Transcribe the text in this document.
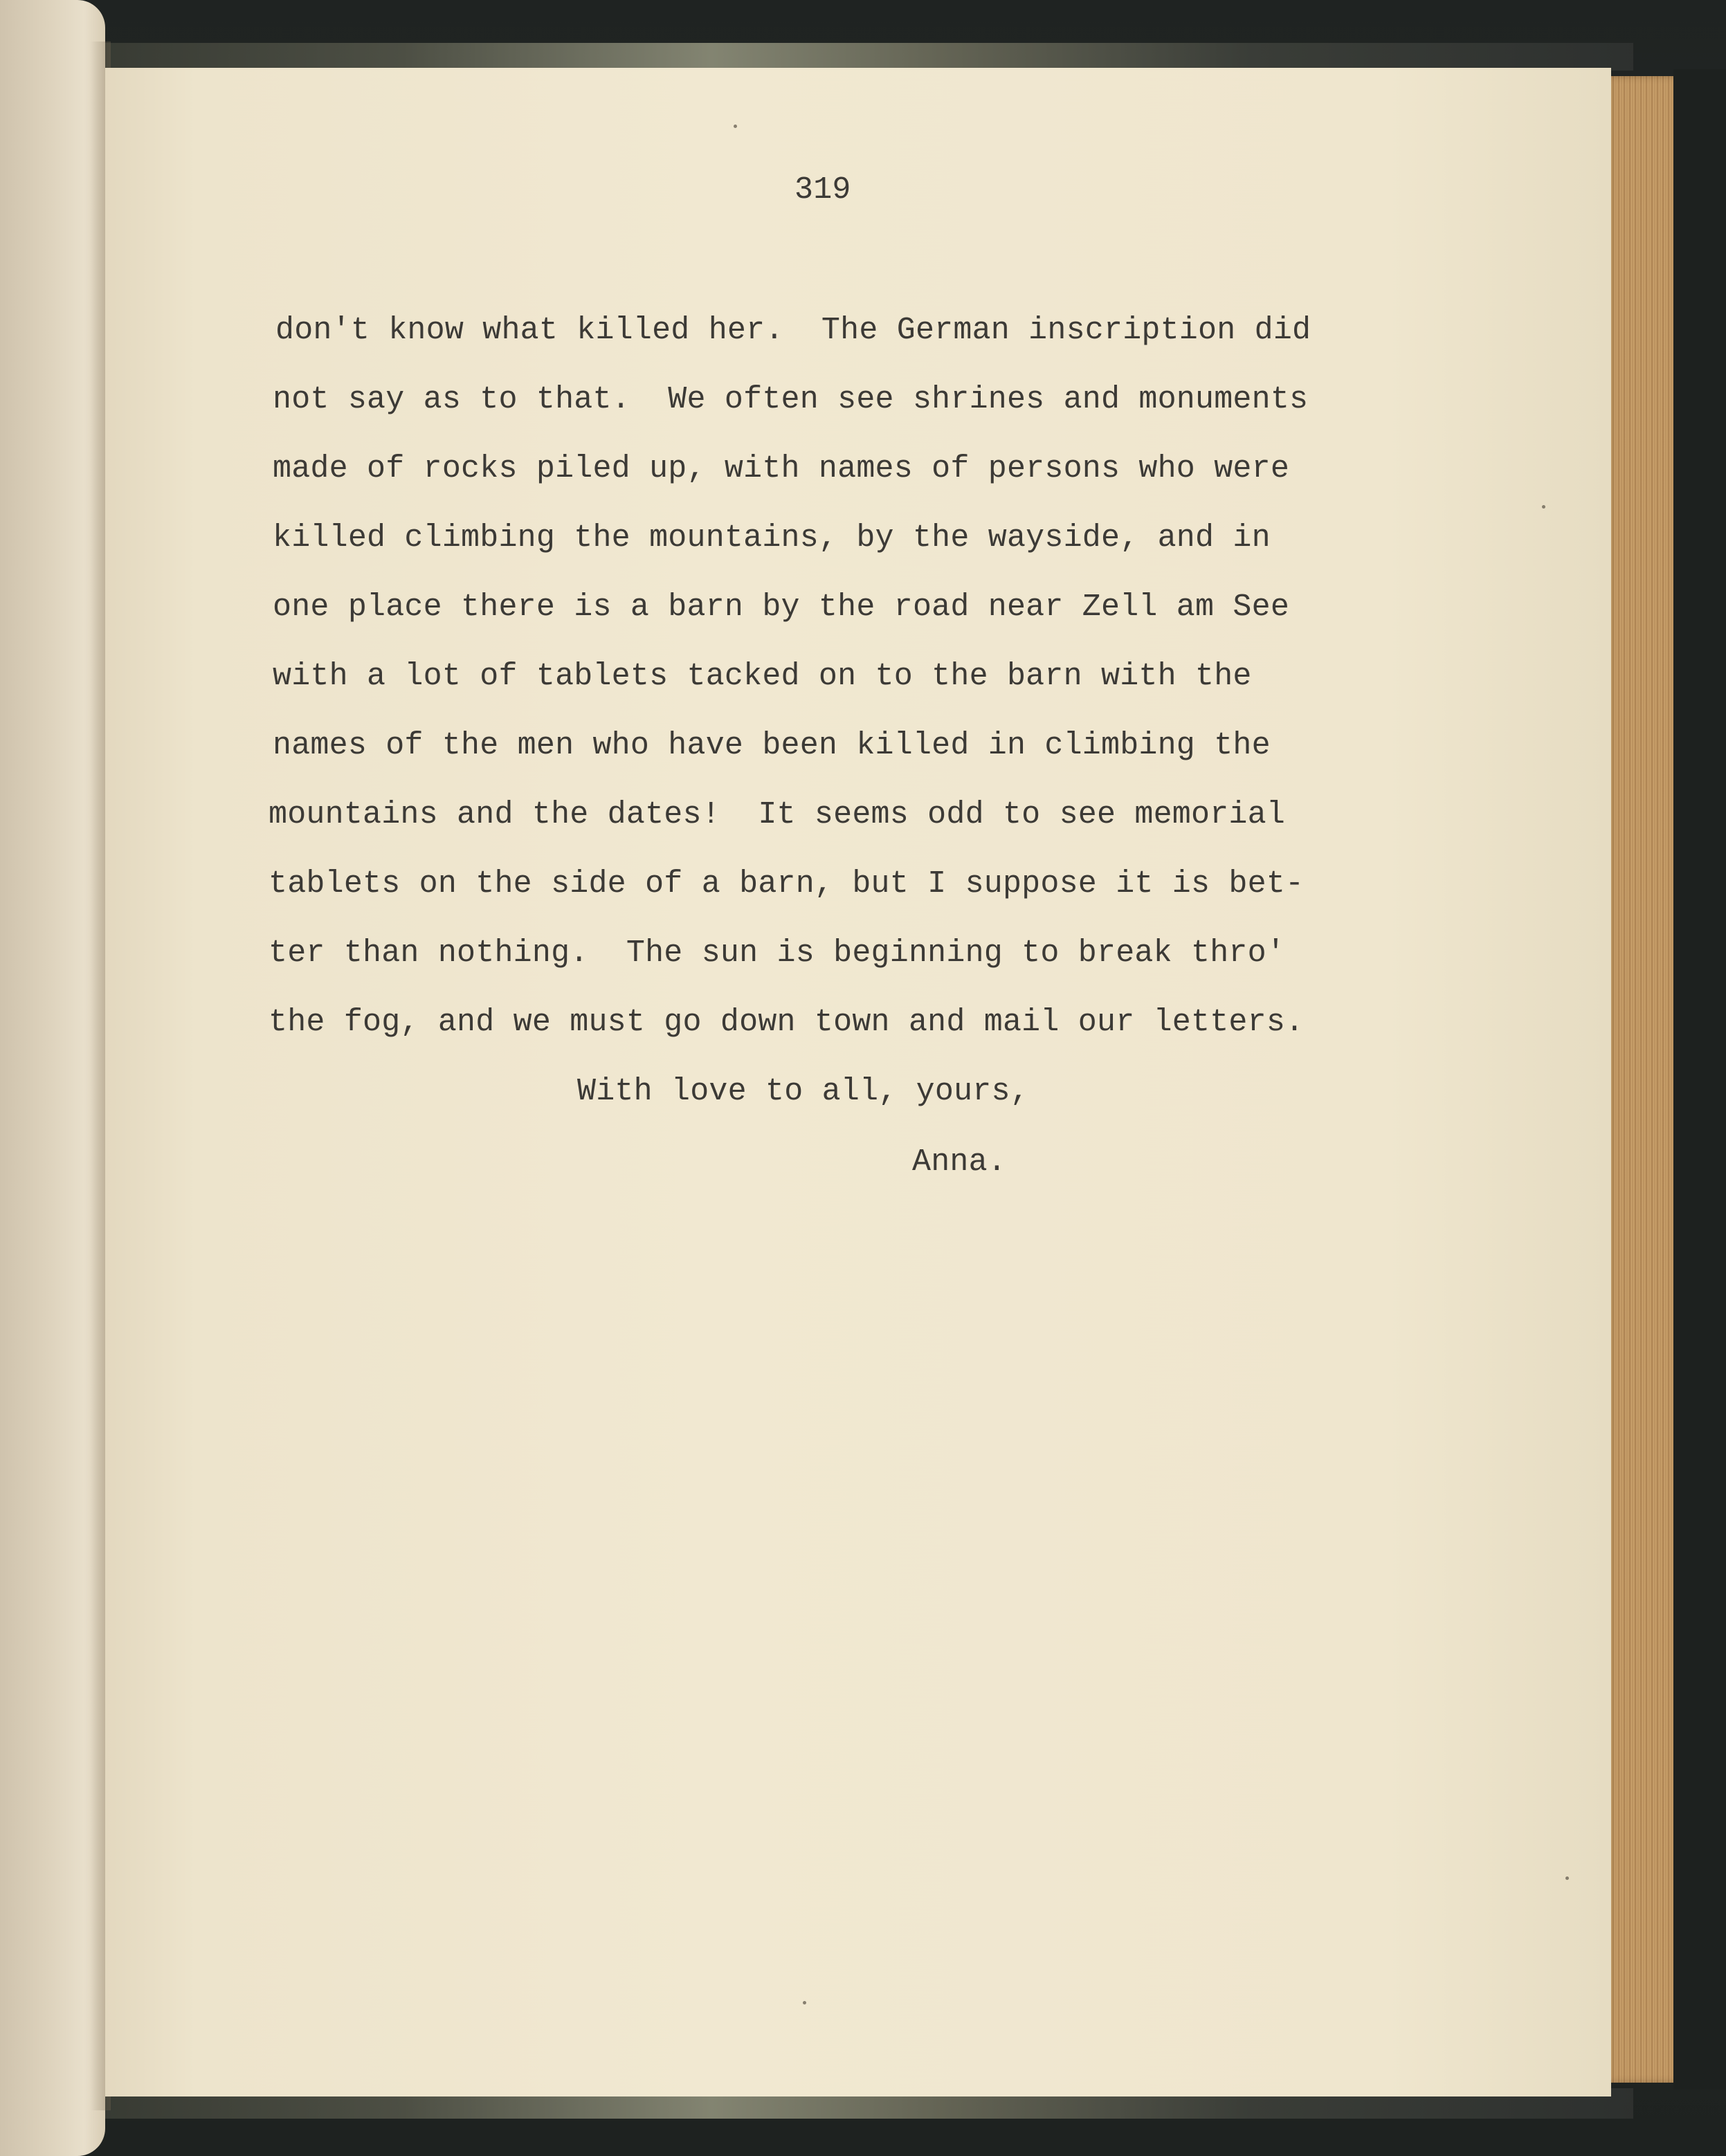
319

don't know what killed her.  The German inscription did

not say as to that.  We often see shrines and monuments

made of rocks piled up, with names of persons who were

killed climbing the mountains, by the wayside, and in

one place there is a barn by the road near Zell am See

with a lot of tablets tacked on to the barn with the

names of the men who have been killed in climbing the

mountains and the dates!  It seems odd to see memorial

tablets on the side of a barn, but I suppose it is bet-

ter than nothing.  The sun is beginning to break thro'

the fog, and we must go down town and mail our letters.

With love to all, yours,

Anna.
